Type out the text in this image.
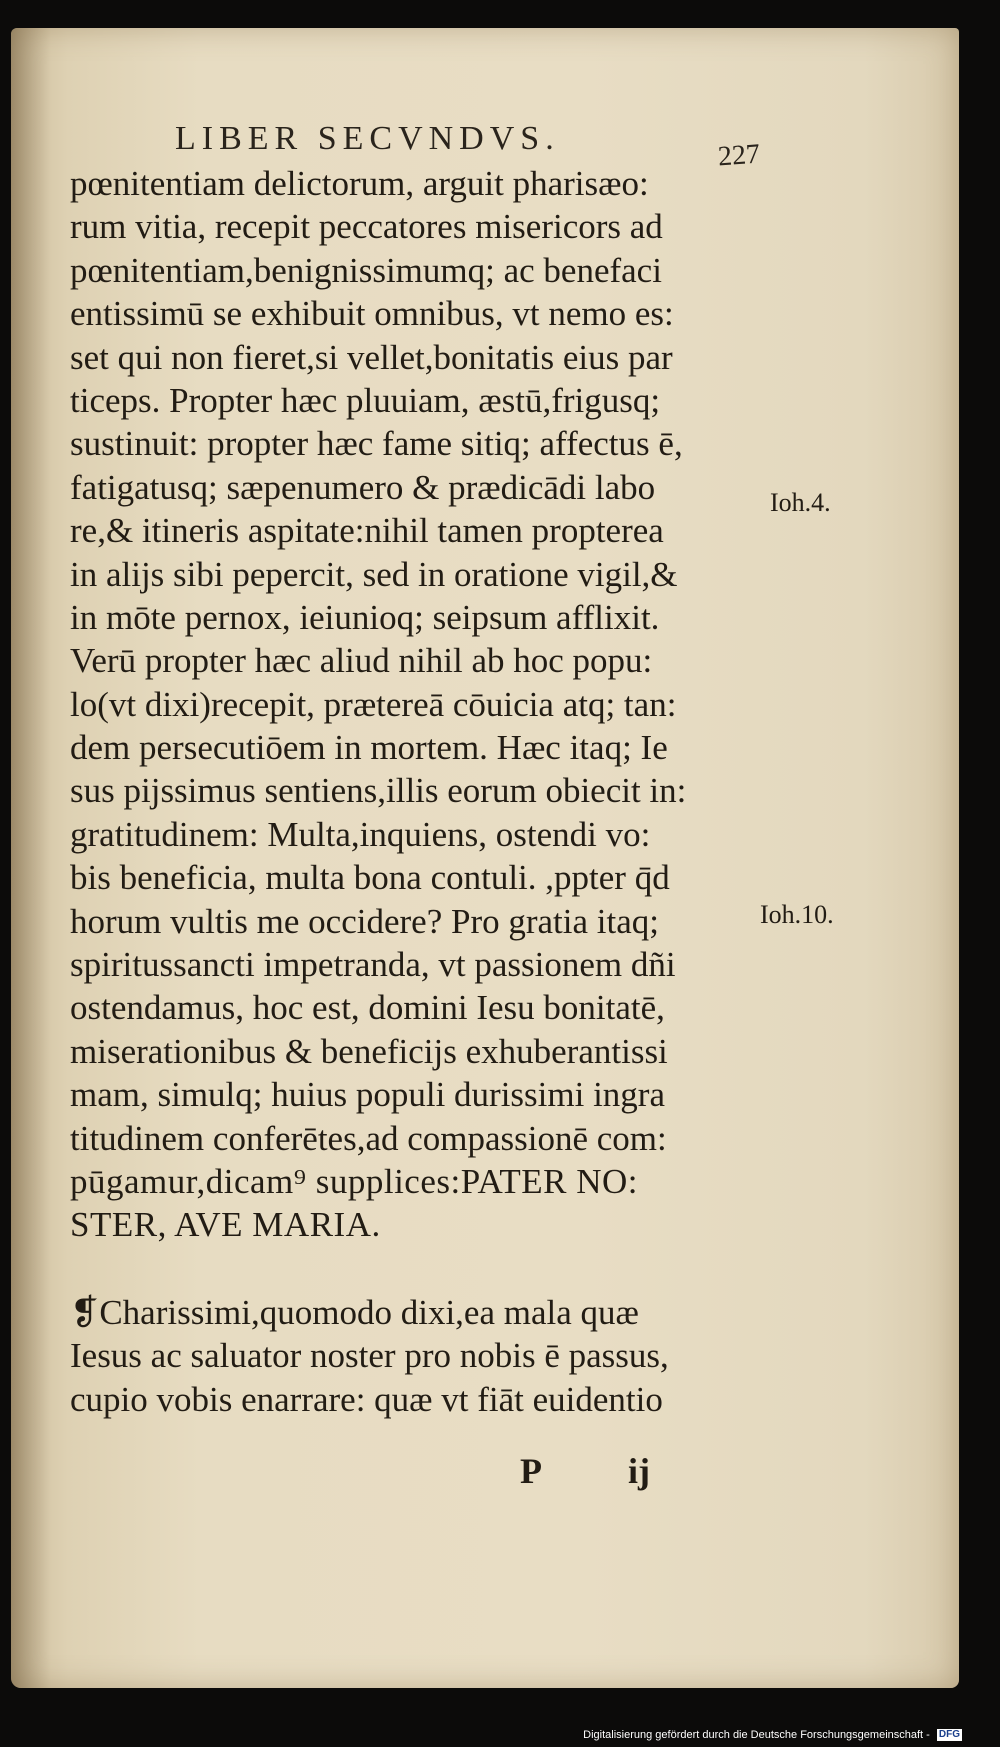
LIBER SECVNDVS.	227
pœnitentiam delictorum, arguit pharisæo:
rum vitia, recepit peccatores misericors ad
pœnitentiam,benignissimumq; ac benefaci
entissimū se exhibuit omnibus, vt nemo es:
set qui non fieret,si vellet,bonitatis eius par
ticeps. Propter hæc pluuiam, æstū,frigusq;
sustinuit: propter hæc fame sitiq; affectus ē,
fatigatusq; sæpenumero & prædicādi labo
re,& itineris aspitate:nihil tamen propterea
in alijs sibi pepercit, sed in oratione vigil,&
in mōte pernox, ieiunioq; seipsum afflixit.
Verū propter hæc aliud nihil ab hoc popu:
lo(vt dixi)recepit, prætereā cōuicia atq; tan:
dem persecutiōem in mortem. Hæc itaq; Ie
sus pijssimus sentiens,illis eorum obiecit in:
gratitudinem: Multa,inquiens, ostendi vo:
bis beneficia, multa bona contuli. ,ppter q̄d
horum vultis me occidere? Pro gratia itaq;
spiritussancti impetranda, vt passionem dñi
ostendamus, hoc est, domini Iesu bonitatē,
miserationibus & beneficijs exhuberantissi
mam, simulq; huius populi durissimi ingra
titudinem conferētes,ad compassionē com:
pūgamur,dicam⁹ supplices:PATER NO:
STER, AVE MARIA.
❡Charissimi,quomodo dixi,ea mala quæ
Iesus ac saluator noster pro nobis ē passus,
cupio vobis enarrare: quæ vt fiāt euidentio
Ioh.4.
Ioh.10.
P ij
Digitalisierung gefördert durch die Deutsche Forschungsgemeinschaft - DFG
